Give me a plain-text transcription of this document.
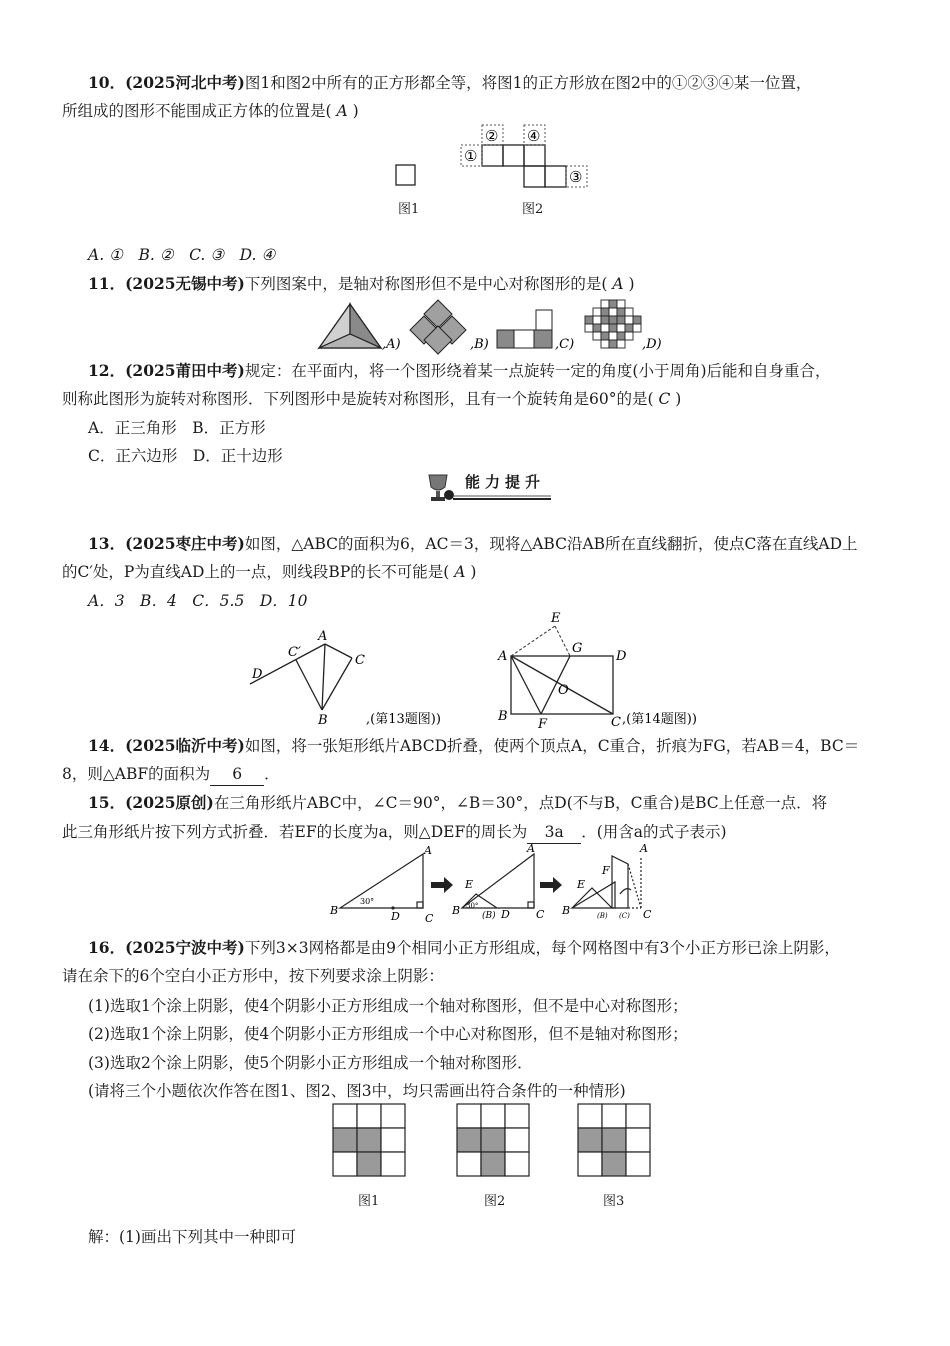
10．(2025河北中考)图1和图2中所有的正方形都全等，将图1的正方形放在图2中的①②③④某一位置，
所组成的图形不能围成正方体的位置是( A )
①
②
③
④
图1	图2
A. ①　B. ②　C. ③　D. ④
11．(2025无锡中考)下列图案中，是轴对称图形但不是中心对称图形的是( A )
,A)	,B)	,C)	,D)
12．(2025莆田中考)规定：在平面内，将一个图形绕着某一点旋转一定的角度(小于周角)后能和自身重合，
则称此图形为旋转对称图形．下列图形中是旋转对称图形，且有一个旋转角是60°的是( C )
A．正三角形　B．正方形
C．正六边形　D．正十边形
能力提升
13．(2025枣庄中考)如图，△ABC的面积为6，AC＝3，现将△ABC沿AB所在直线翻折，使点C落在直线AD上
的C′处，P为直线AD上的一点，则线段BP的长不可能是( A )
A．3　B．4　C．5.5　D．10
D
C′
A
C
B	,(第13题图))
E
A
G
D
O
B
F	C ,(第14题图))
14．(2025临沂中考)如图，将一张矩形纸片ABCD折叠，使两个顶点A，C重合，折痕为FG，若AB＝4，BC＝
8，则△ABF的面积为 6 ．
15．(2025原创)在三角形纸片ABC中，∠C＝90°，∠B＝30°，点D(不与B，C重合)是BC上任意一点．将
此三角形纸片按下列方式折叠．若EF的长度为a，则△DEF的周长为 3a ．(用含a的式子表示)
A
B
C
D
30°
A
E
B (B) D C
30°
A
F
E
B	(B) (C) C
16．(2025宁波中考)下列3×3网格都是由9个相同小正方形组成，每个网格图中有3个小正方形已涂上阴影，
请在余下的6个空白小正方形中，按下列要求涂上阴影：
(1)选取1个涂上阴影，使4个阴影小正方形组成一个轴对称图形，但不是中心对称图形；
(2)选取1个涂上阴影，使4个阴影小正方形组成一个中心对称图形，但不是轴对称图形；
(3)选取2个涂上阴影，使5个阴影小正方形组成一个轴对称图形．
(请将三个小题依次作答在图1、图2、图3中，均只需画出符合条件的一种情形)
图1	图2	图3
解：(1)画出下列其中一种即可
